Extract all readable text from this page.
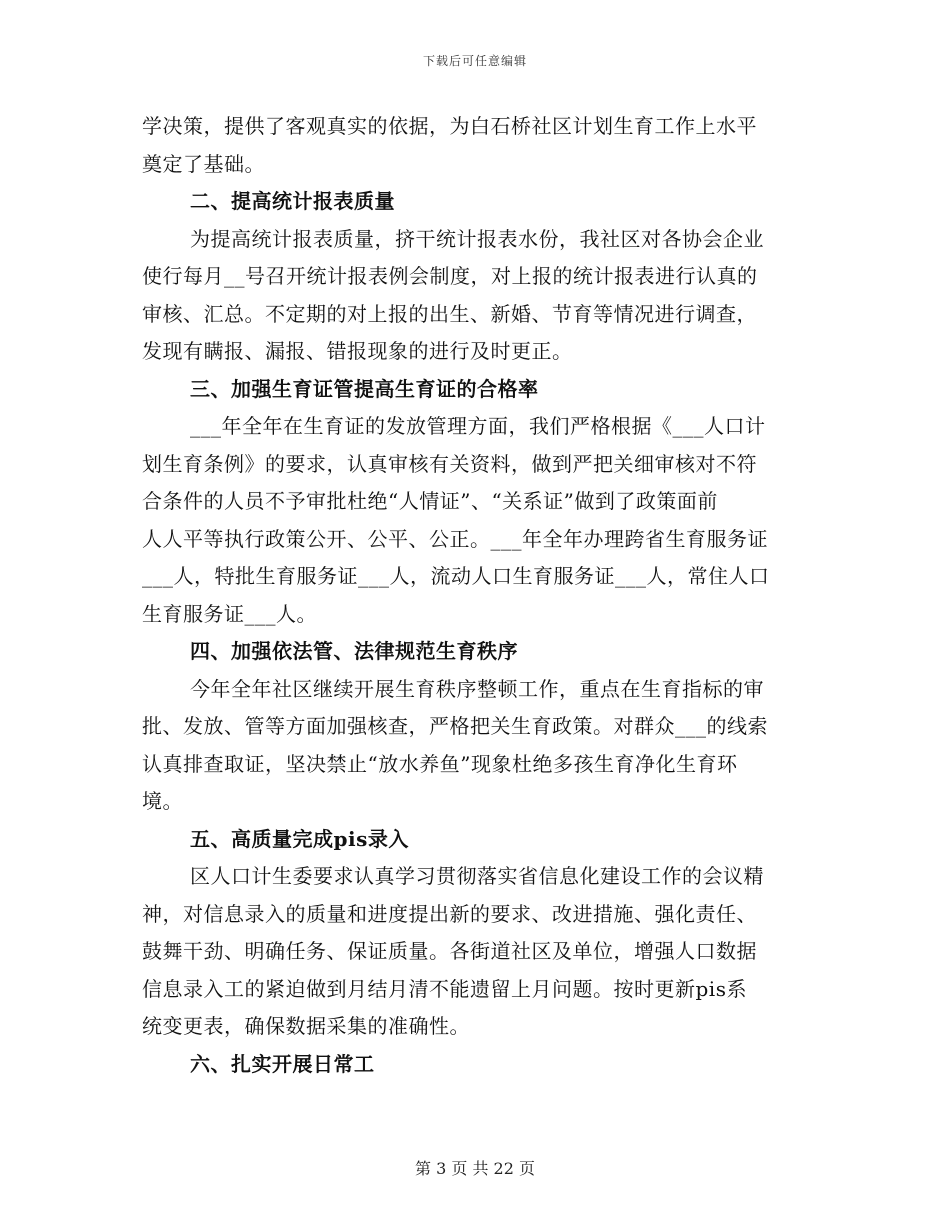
下载后可任意编辑
学决策，提供了客观真实的依据，为白石桥社区计划生育工作上水平
奠定了基础。
二、提高统计报表质量
为提高统计报表质量，挤干统计报表水份，我社区对各协会企业
使行每月__号召开统计报表例会制度，对上报的统计报表进行认真的
审核、汇总。不定期的对上报的出生、新婚、节育等情况进行调查，
发现有瞒报、漏报、错报现象的进行及时更正。
三、加强生育证管提高生育证的合格率
___年全年在生育证的发放管理方面，我们严格根据《___人口计
划生育条例》的要求，认真审核有关资料，做到严把关细审核对不符
合条件的人员不予审批杜绝“人情证”、“关系证”做到了政策面前
人人平等执行政策公开、公平、公正。___年全年办理跨省生育服务证
___人，特批生育服务证___人，流动人口生育服务证___人，常住人口
生育服务证___人。
四、加强依法管、法律规范生育秩序
今年全年社区继续开展生育秩序整顿工作，重点在生育指标的审
批、发放、管等方面加强核查，严格把关生育政策。对群众___的线索
认真排查取证，坚决禁止“放水养鱼”现象杜绝多孩生育净化生育环
境。
五、高质量完成pis录入
区人口计生委要求认真学习贯彻落实省信息化建设工作的会议精
神，对信息录入的质量和进度提出新的要求、改进措施、强化责任、
鼓舞干劲、明确任务、保证质量。各街道社区及单位，增强人口数据
信息录入工的紧迫做到月结月清不能遗留上月问题。按时更新pis系
统变更表，确保数据采集的准确性。
六、扎实开展日常工
第 3 页 共 22 页
